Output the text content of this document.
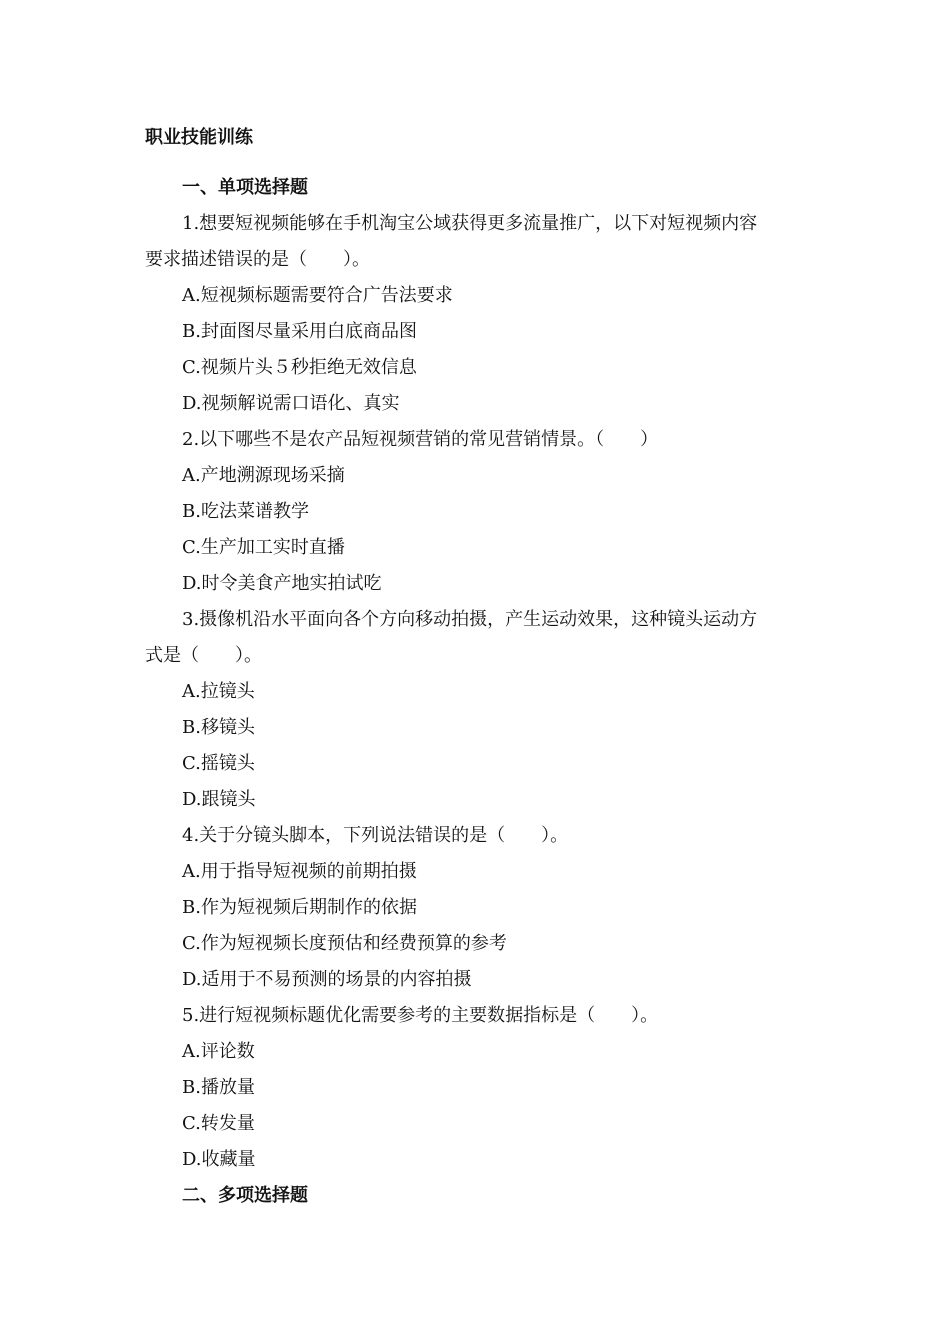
职业技能训练
一、单项选择题

1.想要短视频能够在手机淘宝公域获得更多流量推广，以下对短视频内容

要求描述错误的是（　　）。

A.短视频标题需要符合广告法要求

B.封面图尽量采用白底商品图

C.视频片头５秒拒绝无效信息

D.视频解说需口语化、真实

2.以下哪些不是农产品短视频营销的常见营销情景。（　　）

A.产地溯源现场采摘

B.吃法菜谱教学

C.生产加工实时直播

D.时令美食产地实拍试吃

3.摄像机沿水平面向各个方向移动拍摄，产生运动效果，这种镜头运动方

式是（　　）。

A.拉镜头

B.移镜头

C.摇镜头

D.跟镜头

4.关于分镜头脚本，下列说法错误的是（　　）。

A.用于指导短视频的前期拍摄

B.作为短视频后期制作的依据

C.作为短视频长度预估和经费预算的参考

D.适用于不易预测的场景的内容拍摄

5.进行短视频标题优化需要参考的主要数据指标是（　　）。

A.评论数

B.播放量

C.转发量

D.收藏量

二、多项选择题
